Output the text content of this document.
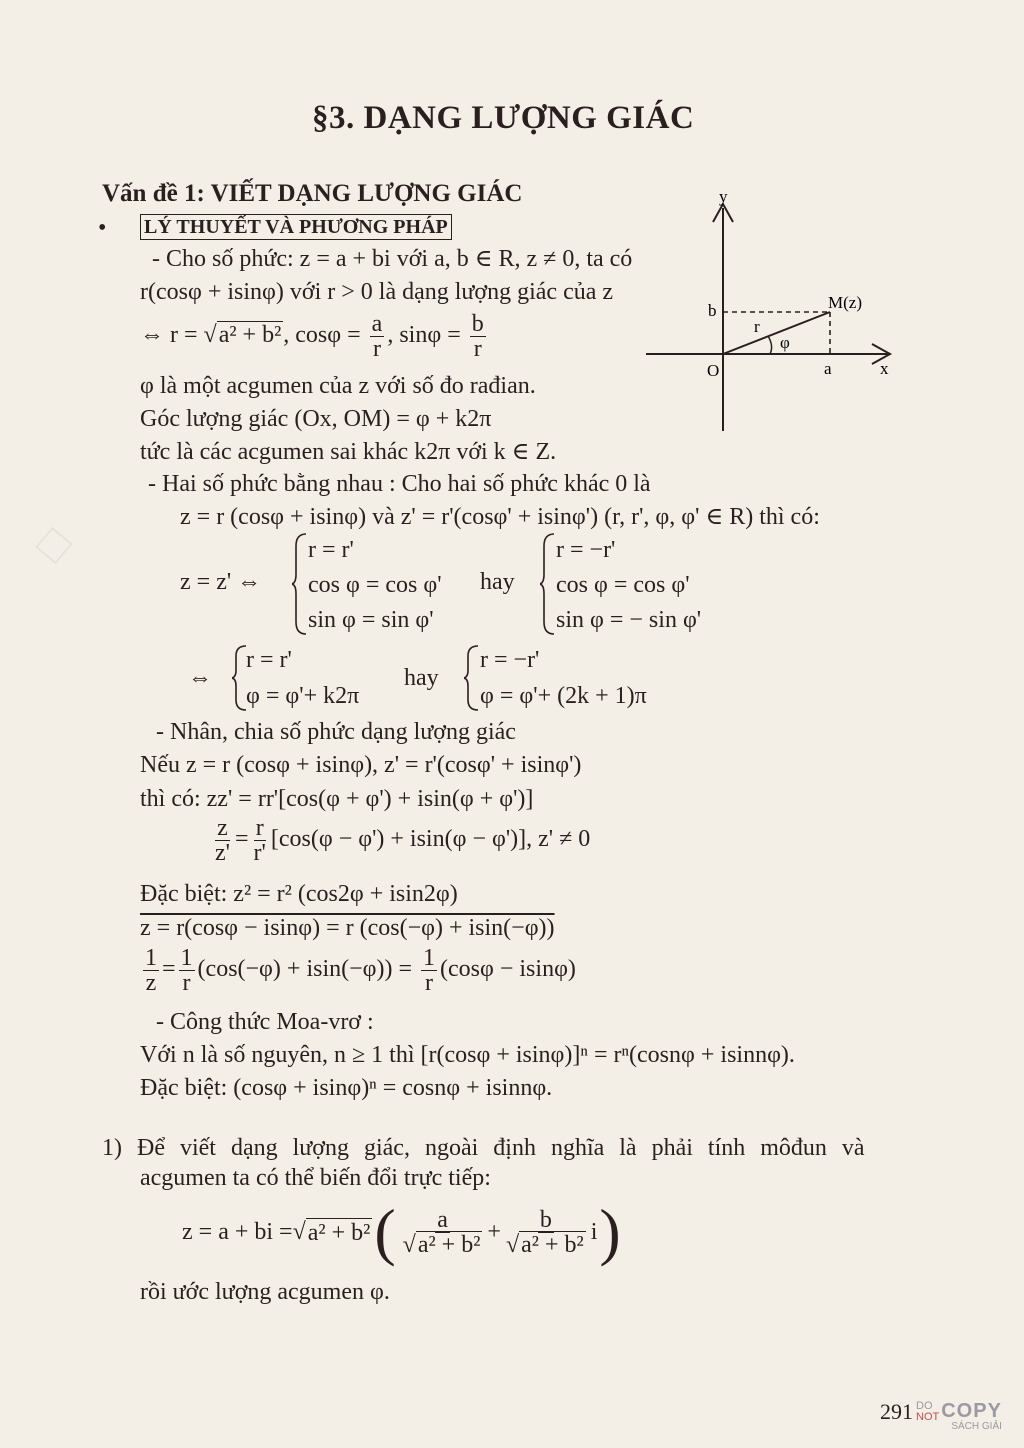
□
§3. DẠNG LƯỢNG GIÁC
Vấn đề 1: VIẾT DẠNG LƯỢNG GIÁC
• LÝ THUYẾT VÀ PHƯƠNG PHÁP
- Cho số phức: z = a + bi với a, b ∈ R, z ≠ 0, ta có
r(cosφ + isinφ) với r > 0 là dạng lượng giác của z
⇔ r = √a² + b², $\cos\varphi = \frac{a}{r}$ , $\sin\varphi = \frac{b}{r}$
φ là một acgumen của z với số đo rađian.
Góc lượng giác (Ox, OM) = φ + k2π
tức là các acgumen sai khác k2π với k ∈ Z.
- Hai số phức bằng nhau : Cho hai số phức khác 0 là
z = r (cosφ + isinφ) và z' = r'(cosφ' + isinφ') (r, r', φ, φ' ∈ R) thì có:
y
x
O	a
b
r
φ
M(z)
z = z' ⇔
r = r'
cos φ = cos φ'
sin φ = sin φ'
hay
r = −r'
cos φ = cos φ'
sin φ = − sin φ'
⇔
r = r'
φ = φ'+ k2π
hay
r = −r'
φ = φ'+ (2k + 1)π
- Nhân, chia số phức dạng lượng giác
Nếu z = r (cosφ + isinφ), z' = r'(cosφ' + isinφ')
thì có: zz' = rr'[cos(φ + φ') + isin(φ + φ')]
$\frac{z}{z'} = \frac{r}{r'} [\cos(\varphi - \varphi') + isin(\varphi - \varphi')]$, z' ≠ 0
Đặc biệt: z² = r² (cos2φ + isin2φ)
z = r(cosφ − isinφ) = r (cos(−φ) + isin(−φ))
$\frac{1}{z} = \frac{1}{r} (\cos(-\varphi) + isin(-\varphi)) = \frac{1}{r} (\cos\varphi - isin\varphi)$
- Công thức Moa-vrơ :
Với n là số nguyên, n ≥ 1 thì [r(cosφ + isinφ)]ⁿ = rⁿ(cosnφ + isinnφ).
Đặc biệt: (cosφ + isinφ)ⁿ = cosnφ + isinnφ.
1) Để viết dạng lượng giác, ngoài định nghĩa là phải tính môđun và
acgumen ta có thể biến đổi trực tiếp:
z = a + bi = √ a² + b² ( $\frac{a}{\text{√a² + b²}} + \frac{b}{\text{√a² + b²}}$ i )
rồi ước lượng acgumen φ.
291 DO
NOT COPY
SÁCH GIẢI
